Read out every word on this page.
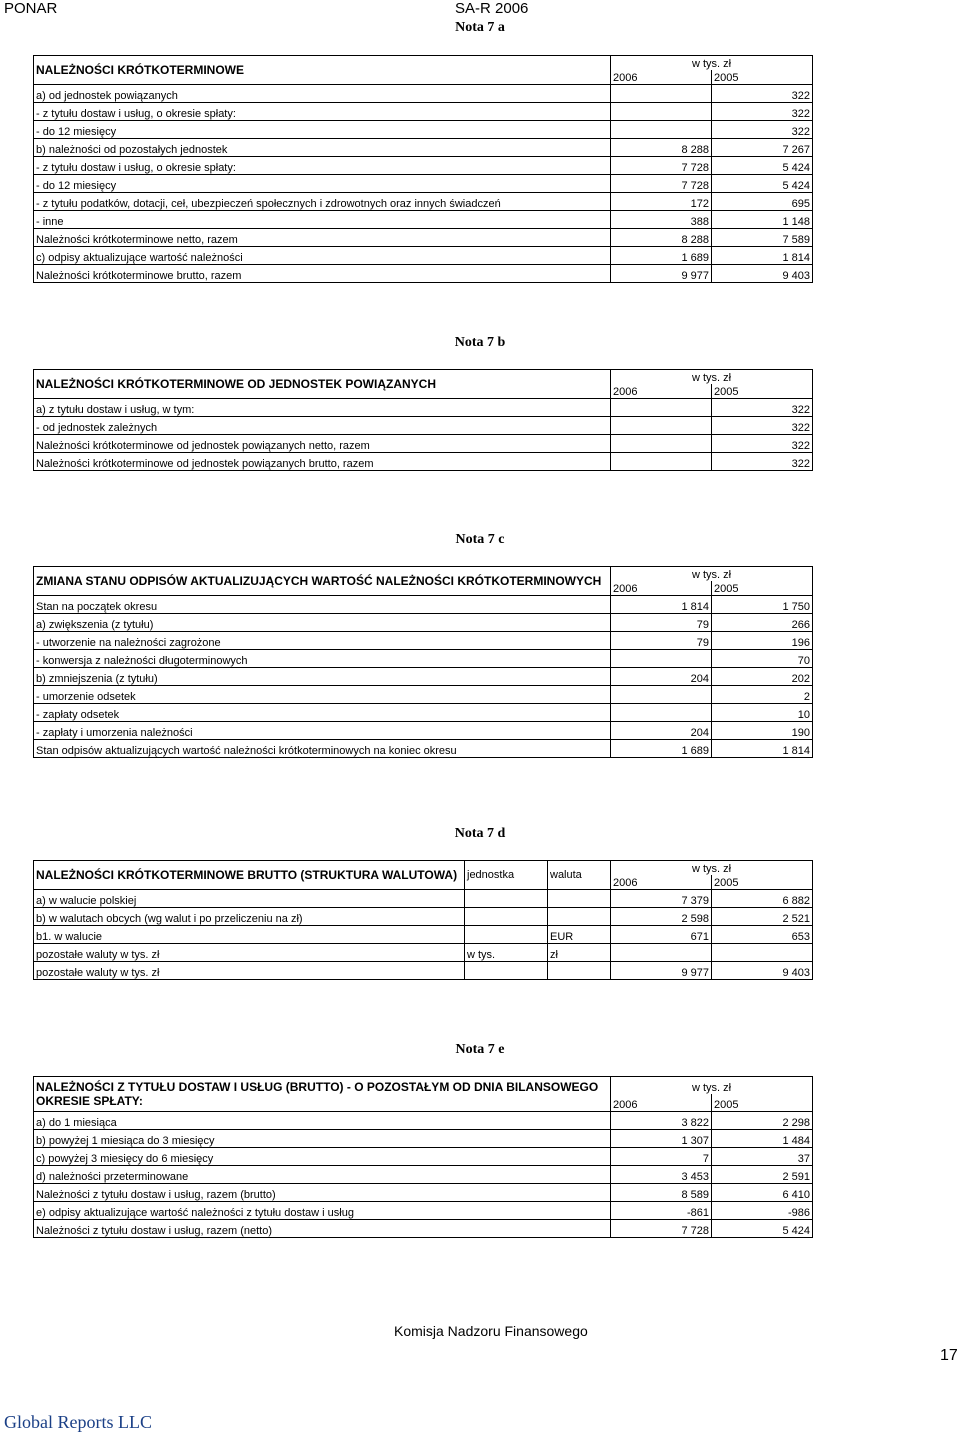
PONAR	SA-R 2006
Nota 7 a
NALEŻNOŚCI KRÓTKOTERMINOWE	w tys. zł	
	2006	2005
a) od jednostek powiązanych		322
- z tytułu dostaw i usług, o okresie spłaty:		322
- do 12 miesięcy		322
b) należności od pozostałych jednostek	8 288	7 267
- z tytułu dostaw i usług, o okresie spłaty:	7 728	5 424
- do 12 miesięcy	7 728	5 424
- z tytułu podatków, dotacji, ceł, ubezpieczeń społecznych i zdrowotnych oraz innych świadczeń	172	695
- inne	388	1 148
Należności krótkoterminowe netto, razem	8 288	7 589
c) odpisy aktualizujące wartość należności	1 689	1 814
Należności krótkoterminowe brutto, razem	9 977	9 403
Nota 7 b
NALEŻNOŚCI KRÓTKOTERMINOWE OD JEDNOSTEK POWIĄZANYCH	w tys. zł	
	2006	2005
a) z tytułu dostaw i usług, w tym:		322
- od jednostek zależnych		322
Należności krótkoterminowe od jednostek powiązanych netto, razem		322
Należności krótkoterminowe od jednostek powiązanych brutto, razem		322
Nota 7 c
ZMIANA STANU ODPISÓW AKTUALIZUJĄCYCH WARTOŚĆ NALEŻNOŚCI KRÓTKOTERMINOWYCH	w tys. zł	
	2006	2005
Stan na początek okresu	1 814	1 750
a) zwiększenia (z tytułu)	79	266
- utworzenie na należności zagrożone	79	196
- konwersja z należności długoterminowych		70
b) zmniejszenia (z tytułu)	204	202
- umorzenie odsetek		2
- zapłaty odsetek		10
- zapłaty i umorzenia należności	204	190
Stan odpisów aktualizujących wartość należności krótkoterminowych na koniec okresu	1 689	1 814
Nota 7 d
NALEŻNOŚCI KRÓTKOTERMINOWE BRUTTO (STRUKTURA WALUTOWA)	jednostka	waluta	w tys. zł	
			2006	2005
a) w walucie polskiej			7 379	6 882
b) w walutach obcych (wg walut i po przeliczeniu na zł)			2 598	2 521
b1. w walucie		EUR	671	653
pozostałe waluty w tys. zł	w tys.	zł		
pozostałe waluty w tys. zł			9 977	9 403
Nota 7 e
NALEŻNOŚCI Z TYTUŁU DOSTAW I USŁUG (BRUTTO) - O POZOSTAŁYM OD DNIA BILANSOWEGO OKRESIE SPŁATY:	w tys. zł	
	2006	2005
a) do 1 miesiąca	3 822	2 298
b) powyżej 1 miesiąca do 3 miesięcy	1 307	1 484
c) powyżej 3 miesięcy do 6 miesięcy	7	37
d) należności przeterminowane	3 453	2 591
Należności z tytułu dostaw i usług, razem (brutto)	8 589	6 410
e) odpisy aktualizujące wartość należności z tytułu dostaw i usług	-861	-986
Należności z tytułu dostaw i usług, razem (netto)	7 728	5 424
Komisja Nadzoru Finansowego
17
Global Reports LLC
